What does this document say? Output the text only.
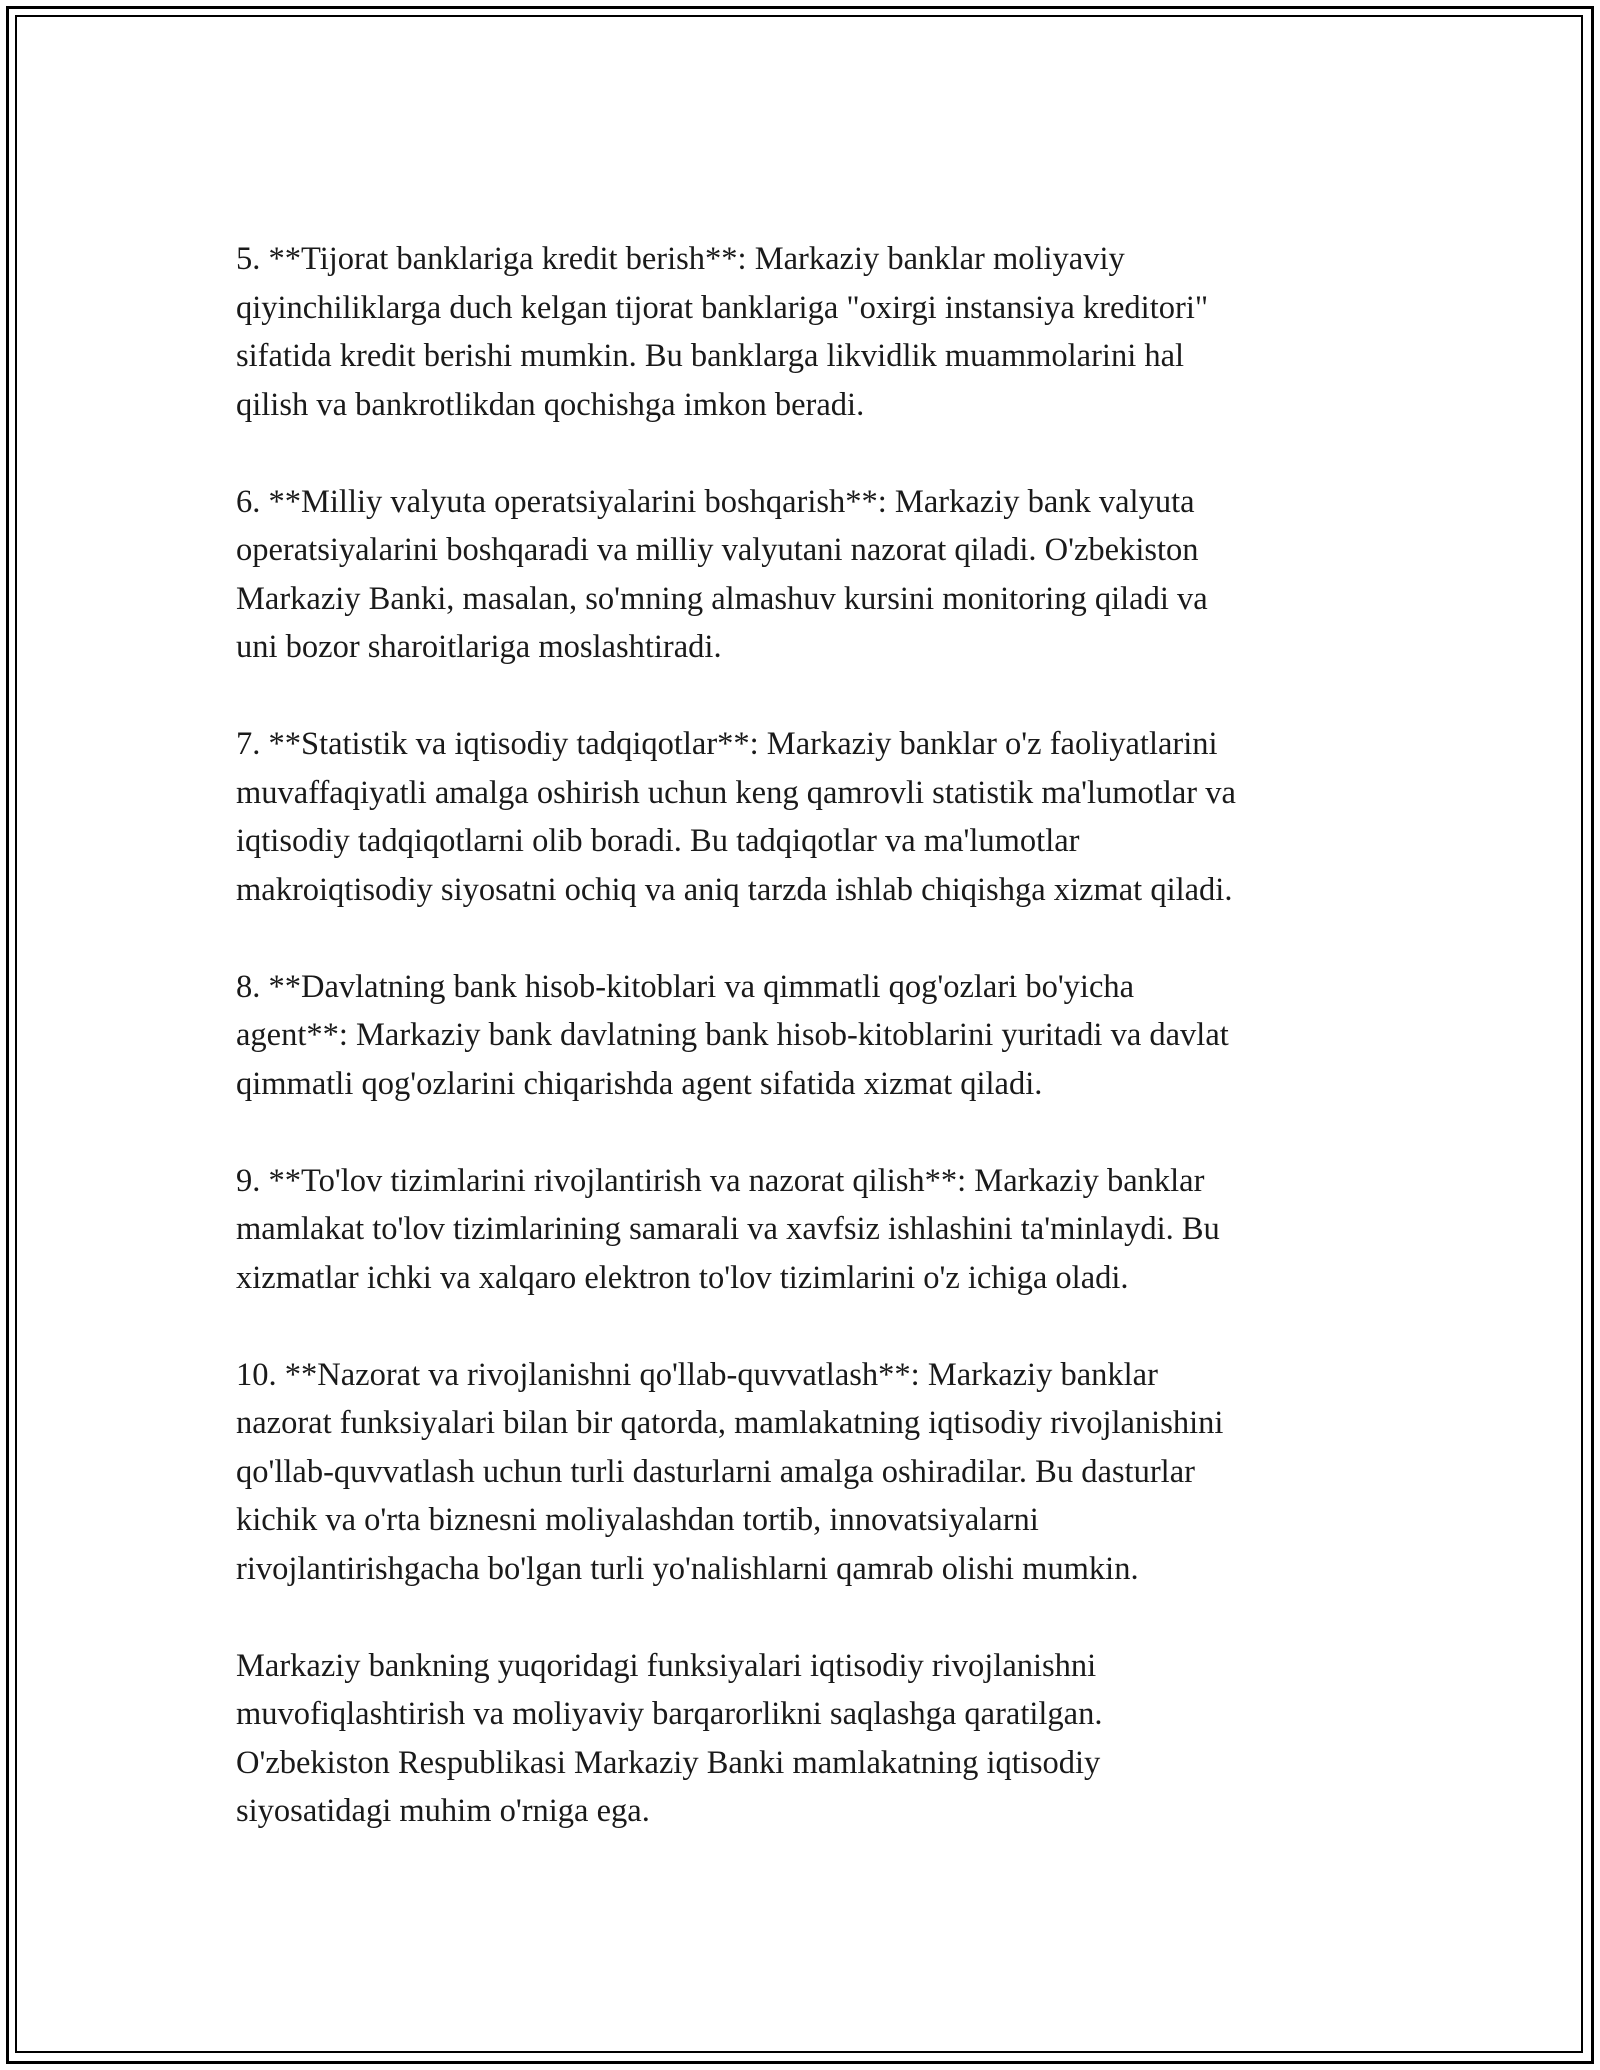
5. **Tijorat banklariga kredit berish**: Markaziy banklar moliyaviy
qiyinchiliklarga duch kelgan tijorat banklariga "oxirgi instansiya kreditori"
sifatida kredit berishi mumkin. Bu banklarga likvidlik muammolarini hal
qilish va bankrotlikdan qochishga imkon beradi.

6. **Milliy valyuta operatsiyalarini boshqarish**: Markaziy bank valyuta
operatsiyalarini boshqaradi va milliy valyutani nazorat qiladi. O'zbekiston
Markaziy Banki, masalan, so'mning almashuv kursini monitoring qiladi va
uni bozor sharoitlariga moslashtiradi.

7. **Statistik va iqtisodiy tadqiqotlar**: Markaziy banklar o'z faoliyatlarini
muvaffaqiyatli amalga oshirish uchun keng qamrovli statistik ma'lumotlar va
iqtisodiy tadqiqotlarni olib boradi. Bu tadqiqotlar va ma'lumotlar
makroiqtisodiy siyosatni ochiq va aniq tarzda ishlab chiqishga xizmat qiladi.

8. **Davlatning bank hisob-kitoblari va qimmatli qog'ozlari bo'yicha
agent**: Markaziy bank davlatning bank hisob-kitoblarini yuritadi va davlat
qimmatli qog'ozlarini chiqarishda agent sifatida xizmat qiladi.

9. **To'lov tizimlarini rivojlantirish va nazorat qilish**: Markaziy banklar
mamlakat to'lov tizimlarining samarali va xavfsiz ishlashini ta'minlaydi. Bu
xizmatlar ichki va xalqaro elektron to'lov tizimlarini o'z ichiga oladi.

10. **Nazorat va rivojlanishni qo'llab-quvvatlash**: Markaziy banklar
nazorat funksiyalari bilan bir qatorda, mamlakatning iqtisodiy rivojlanishini
qo'llab-quvvatlash uchun turli dasturlarni amalga oshiradilar. Bu dasturlar
kichik va o'rta biznesni moliyalashdan tortib, innovatsiyalarni
rivojlantirishgacha bo'lgan turli yo'nalishlarni qamrab olishi mumkin.

Markaziy bankning yuqoridagi funksiyalari iqtisodiy rivojlanishni
muvofiqlashtirish va moliyaviy barqarorlikni saqlashga qaratilgan.
O'zbekiston Respublikasi Markaziy Banki mamlakatning iqtisodiy
siyosatidagi muhim o'rniga ega.
